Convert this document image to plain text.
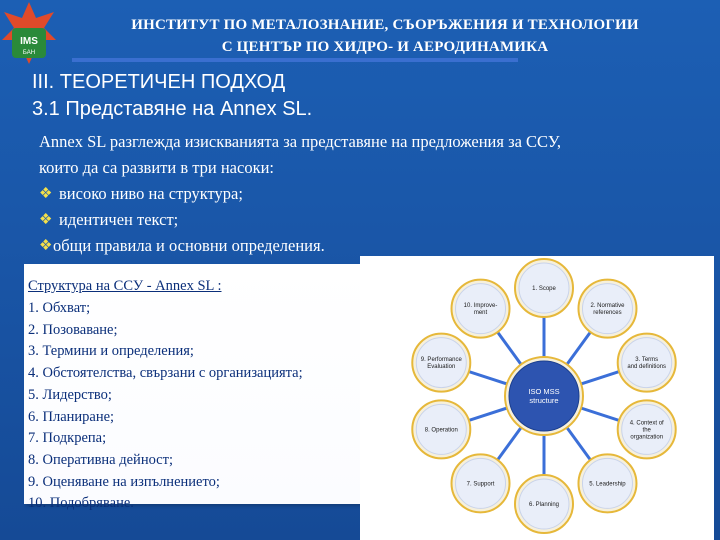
IMS
БАН
ИНСТИТУТ ПО МЕТАЛОЗНАНИЕ, СЪОРЪЖЕНИЯ И ТЕХНОЛОГИИ
С ЦЕНТЪР ПО ХИДРО- И АЕРОДИНАМИКА
III. ТЕОРЕТИЧЕН ПОДХОД
3.1 Представяне на Annex SL.

Annex SL разглежда изискванията за представяне на предложения за ССУ,

които да са развити в три насоки:

❖ високо ниво на структура;
❖ идентичен текст;
❖ общи правила и основни определения.
Структура на ССУ - Annex SL :
1. Обхват;
2. Позоваване;
3. Термини и определения;
4. Обстоятелства, свързани с организацията;
5. Лидерство;
6. Планиране;
7. Подкрепа;
8. Оперативна дейност;
9. Оценяване на изпълнението;
10. Подобряване.
1. Scope
2. Normative
references
3. Terms
and definitions
4. Context of
the
organization
5. Leadership
6. Planning
7. Support
8. Operation
9. Performance
Evaluation
10. Improve-
ment
ISO MSS
structure
